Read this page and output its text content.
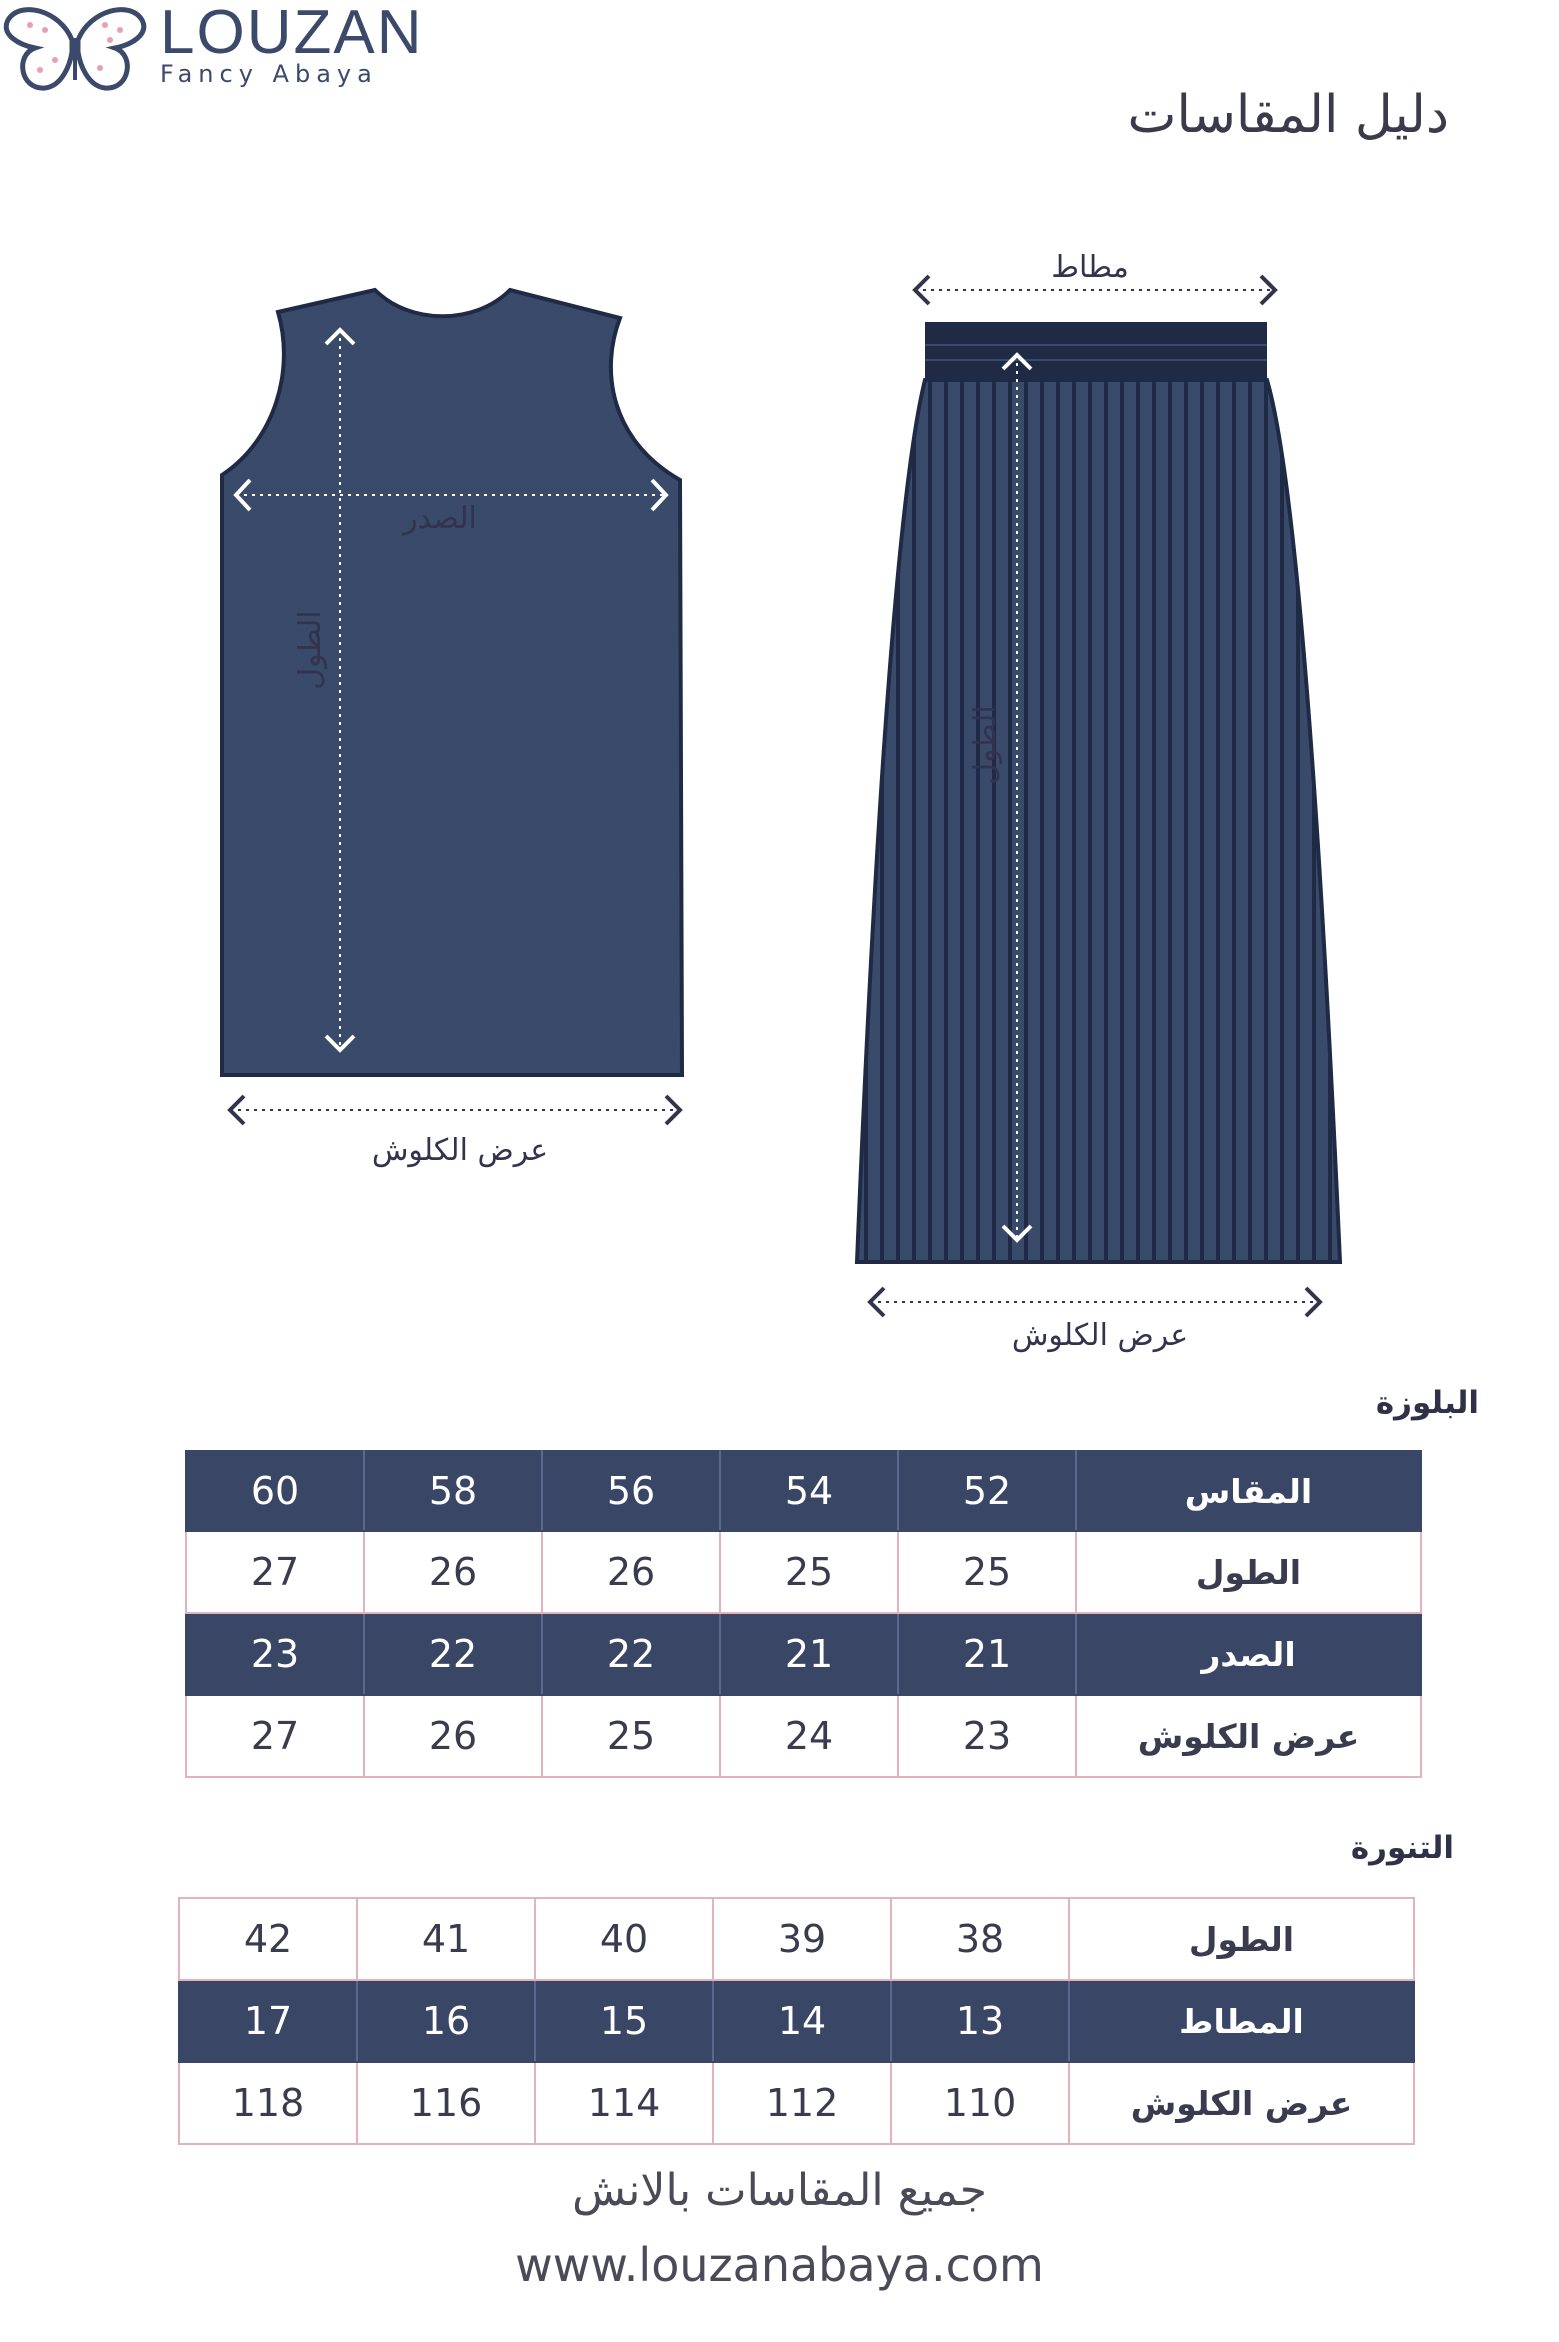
LOUZAN
Fancy Abaya
دليل المقاسات
الصدر
الطول
عرض الكلوش
مطاط
الطول
عرض الكلوش
البلوزة
المقاس	52	54	56	58	60
الطول	25	25	26	26	27
الصدر	21	21	22	22	23
عرض الكلوش	23	24	25	26	27
التنورة
الطول	38	39	40	41	42
المطاط	13	14	15	16	17
عرض الكلوش	110	112	114	116	118
جميع المقاسات بالانش
www.louzanabaya.com
